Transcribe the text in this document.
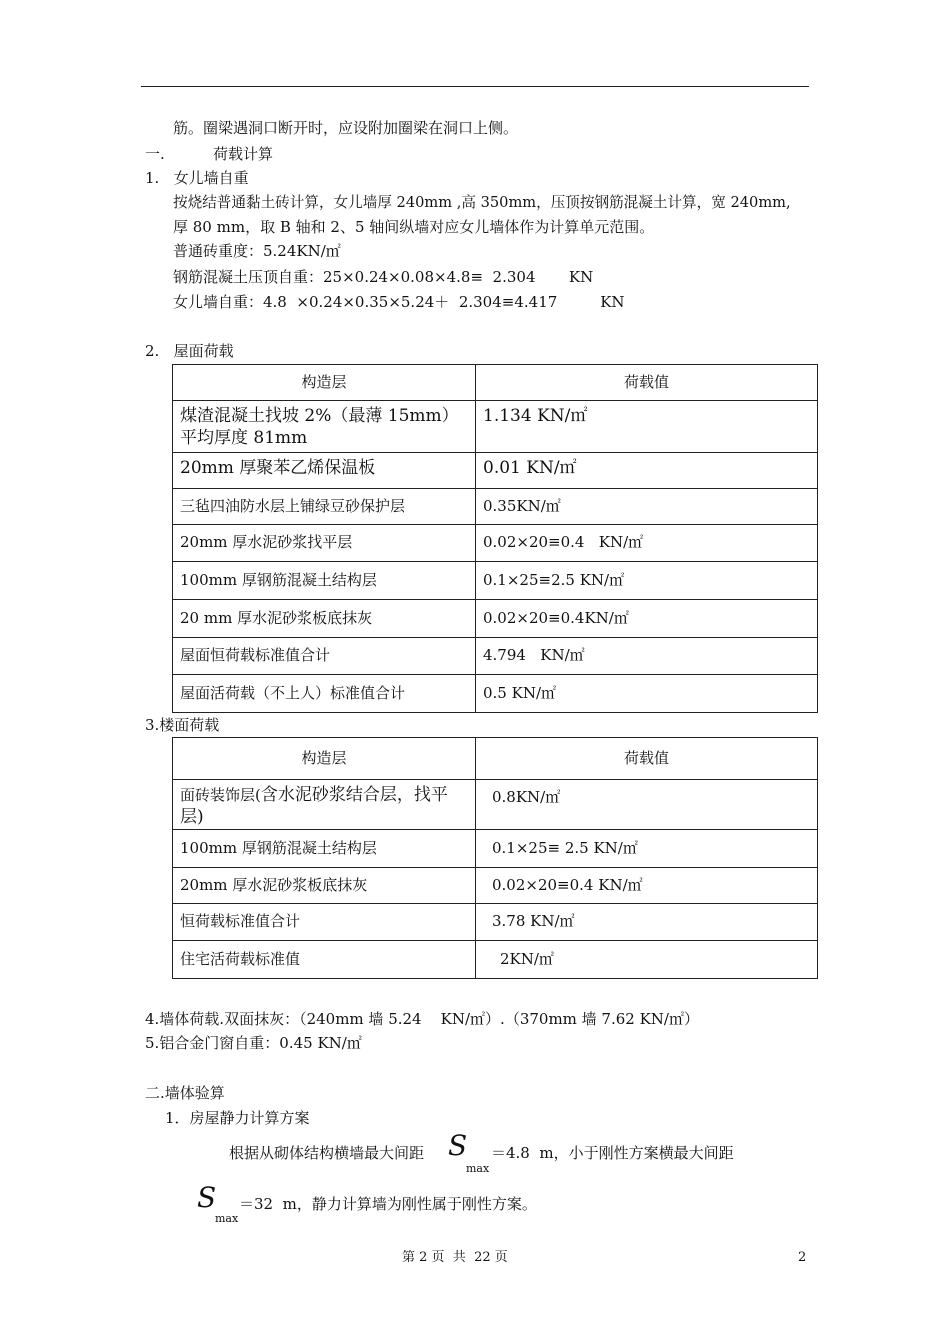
筋。圈梁遇洞口断开时，应设附加圈梁在洞口上侧。
一.	荷载计算
1.   女儿墙自重
按烧结普通黏土砖计算，女儿墙厚 240mm ,高 350mm，压顶按钢筋混凝土计算，宽 240mm,
厚 80 mm，取 B 轴和 2、5 轴间纵墙对应女儿墙体作为计算单元范围。
普通砖重度：5.24KN/㎡
钢筋混凝土压顶自重：25×0.24×0.08×4.8≡  2.304       KN
女儿墙自重：4.8  ×0.24×0.35×5.24＋  2.304≡4.417         KN
2.   屋面荷载
构造层	荷载值
煤渣混凝土找坡 2%（最薄 15mm）平均厚度 81mm	1.134 KN/㎡
20mm 厚聚苯乙烯保温板	0.01 KN/㎡
三毡四油防水层上铺绿豆砂保护层	0.35KN/㎡
20mm 厚水泥砂浆找平层	0.02×20≡0.4   KN/㎡
100mm 厚钢筋混凝土结构层	0.1×25≡2.5 KN/㎡
20 mm 厚水泥砂浆板底抹灰	0.02×20≡0.4KN/㎡
屋面恒荷载标准值合计	4.794   KN/㎡
屋面活荷载（不上人）标准值合计	0.5 KN/㎡
3.楼面荷载
构造层	荷载值
面砖装饰层(含水泥砂浆结合层，找平层)	0.8KN/㎡
100mm 厚钢筋混凝土结构层	0.1×25≡ 2.5 KN/㎡
20mm 厚水泥砂浆板底抹灰	0.02×20≡0.4 KN/㎡
恒荷载标准值合计	3.78 KN/㎡
住宅活荷载标准值	2KN/㎡
4.墙体荷载.双面抹灰：（240mm 墙 5.24    KN/㎡）.（370mm 墙 7.62 KN/㎡）
5.铝合金门窗自重：0.45 KN/㎡
二.墙体验算
1．房屋静力计算方案
根据从砌体结构横墙最大间距 S
max
＝4.8  m，小于刚性方案横最大间距
S
max
＝32  m，静力计算墙为刚性属于刚性方案。
第 2 页  共  22 页	2
